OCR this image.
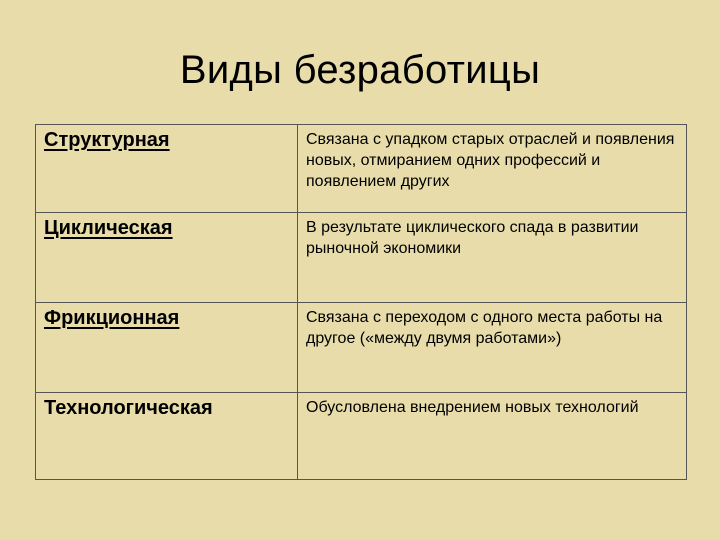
Виды безработицы
Структурная	Связана с упадком старых отраслей и появления новых, отмиранием одних профессий и появлением других
Циклическая	В результате циклического спада в развитии рыночной экономики
Фрикционная	Связана с переходом с одного места работы на другое («между двумя работами»)
Технологическая	Обусловлена внедрением новых технологий
